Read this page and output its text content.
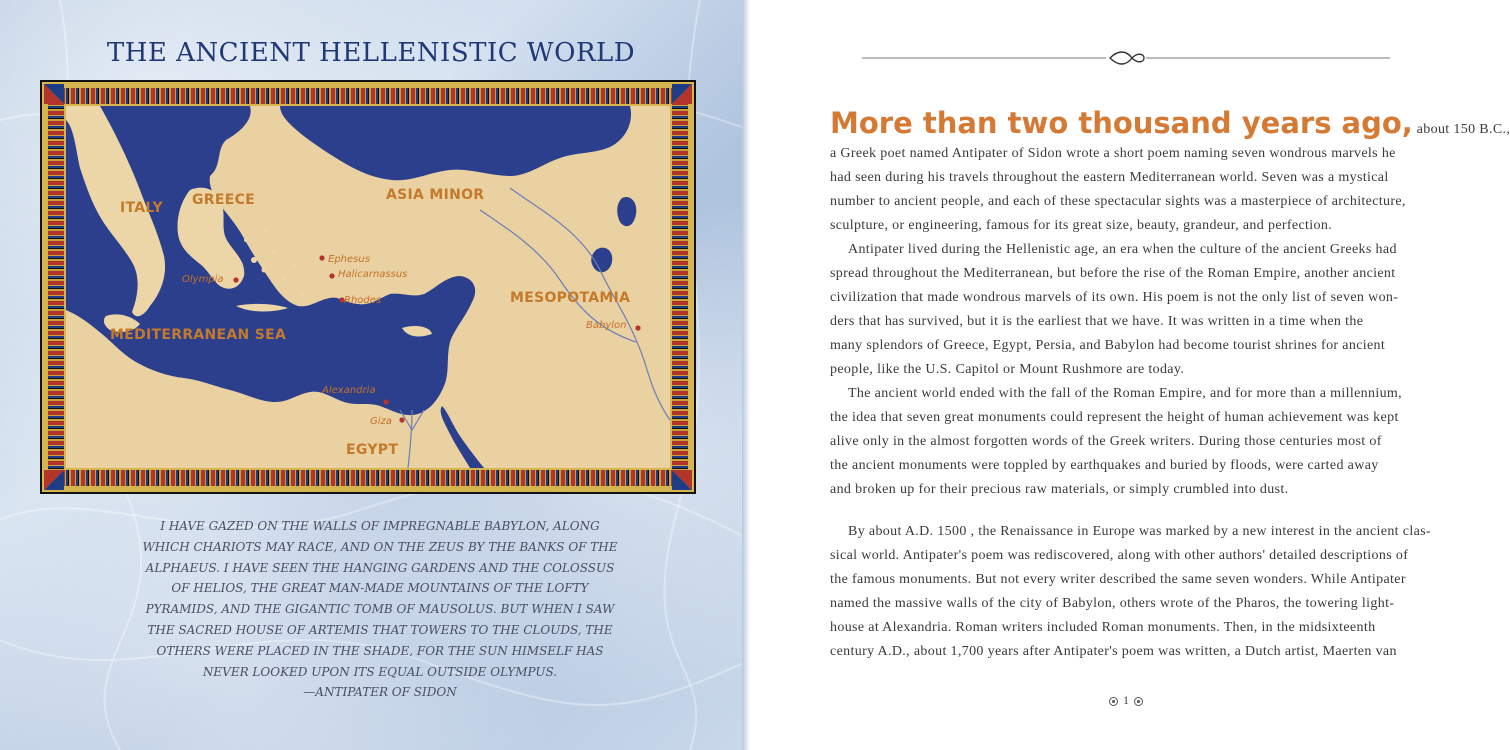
THE ANCIENT HELLENISTIC WORLD
ITALY GREECE	ASIA MINOR
MESOPOTAMIA
MEDITERRANEAN SEA
EGYPT
Ephesus
Halicarnassus
Olympia
Rhodes
Babylon
Alexandria
Giza
I HAVE GAZED ON THE WALLS OF IMPREGNABLE BABYLON, ALONG
WHICH CHARIOTS MAY RACE, AND ON THE ZEUS BY THE BANKS OF THE
ALPHAEUS. I HAVE SEEN THE HANGING GARDENS AND THE COLOSSUS
OF HELIOS, THE GREAT MAN-MADE MOUNTAINS OF THE LOFTY
PYRAMIDS, AND THE GIGANTIC TOMB OF MAUSOLUS. BUT WHEN I SAW
THE SACRED HOUSE OF ARTEMIS THAT TOWERS TO THE CLOUDS, THE
OTHERS WERE PLACED IN THE SHADE, FOR THE SUN HIMSELF HAS
NEVER LOOKED UPON ITS EQUAL OUTSIDE OLYMPUS.
—ANTIPATER OF SIDON
More than two thousand years ago, about 150 B.C.,
a Greek poet named Antipater of Sidon wrote a short poem naming seven wondrous marvels he
had seen during his travels throughout the eastern Mediterranean world. Seven was a mystical
number to ancient people, and each of these spectacular sights was a masterpiece of architecture,
sculpture, or engineering, famous for its great size, beauty, grandeur, and perfection.
Antipater lived during the Hellenistic age, an era when the culture of the ancient Greeks had
spread throughout the Mediterranean, but before the rise of the Roman Empire, another ancient
civilization that made wondrous marvels of its own. His poem is not the only list of seven won-
ders that has survived, but it is the earliest that we have. It was written in a time when the
many splendors of Greece, Egypt, Persia, and Babylon had become tourist shrines for ancient
people, like the U.S. Capitol or Mount Rushmore are today.
The ancient world ended with the fall of the Roman Empire, and for more than a millennium,
the idea that seven great monuments could represent the height of human achievement was kept
alive only in the almost forgotten words of the Greek writers. During those centuries most of
the ancient monuments were toppled by earthquakes and buried by floods, were carted away
and broken up for their precious raw materials, or simply crumbled into dust.
By about A.D. 1500 , the Renaissance in Europe was marked by a new interest in the ancient clas-
sical world. Antipater's poem was rediscovered, along with other authors' detailed descriptions of
the famous monuments. But not every writer described the same seven wonders. While Antipater
named the massive walls of the city of Babylon, others wrote of the Pharos, the towering light-
house at Alexandria. Roman writers included Roman monuments. Then, in the midsixteenth
century A.D., about 1,700 years after Antipater's poem was written, a Dutch artist, Maerten van
1
